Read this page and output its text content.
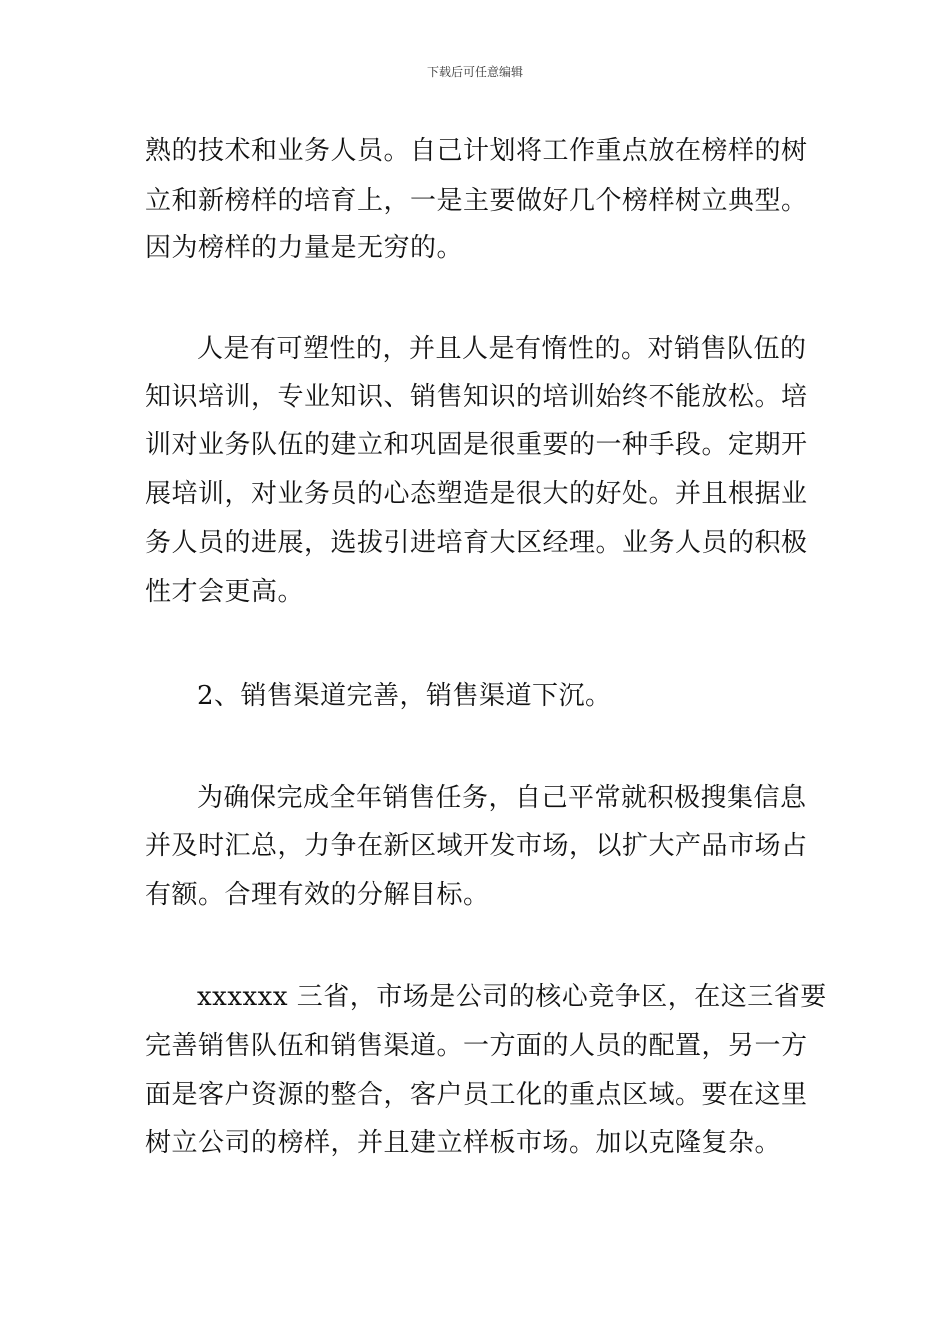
下载后可任意编辑
熟的技术和业务人员。自己计划将工作重点放在榜样的树
立和新榜样的培育上，一是主要做好几个榜样树立典型。
因为榜样的力量是无穷的。
人是有可塑性的，并且人是有惰性的。对销售队伍的
知识培训，专业知识、销售知识的培训始终不能放松。培
训对业务队伍的建立和巩固是很重要的一种手段。定期开
展培训，对业务员的心态塑造是很大的好处。并且根据业
务人员的进展，选拔引进培育大区经理。业务人员的积极
性才会更高。
2、销售渠道完善，销售渠道下沉。
为确保完成全年销售任务，自己平常就积极搜集信息
并及时汇总，力争在新区域开发市场，以扩大产品市场占
有额。合理有效的分解目标。
xxxxxx 三省，市场是公司的核心竞争区，在这三省要
完善销售队伍和销售渠道。一方面的人员的配置，另一方
面是客户资源的整合，客户员工化的重点区域。要在这里
树立公司的榜样，并且建立样板市场。加以克隆复杂。
